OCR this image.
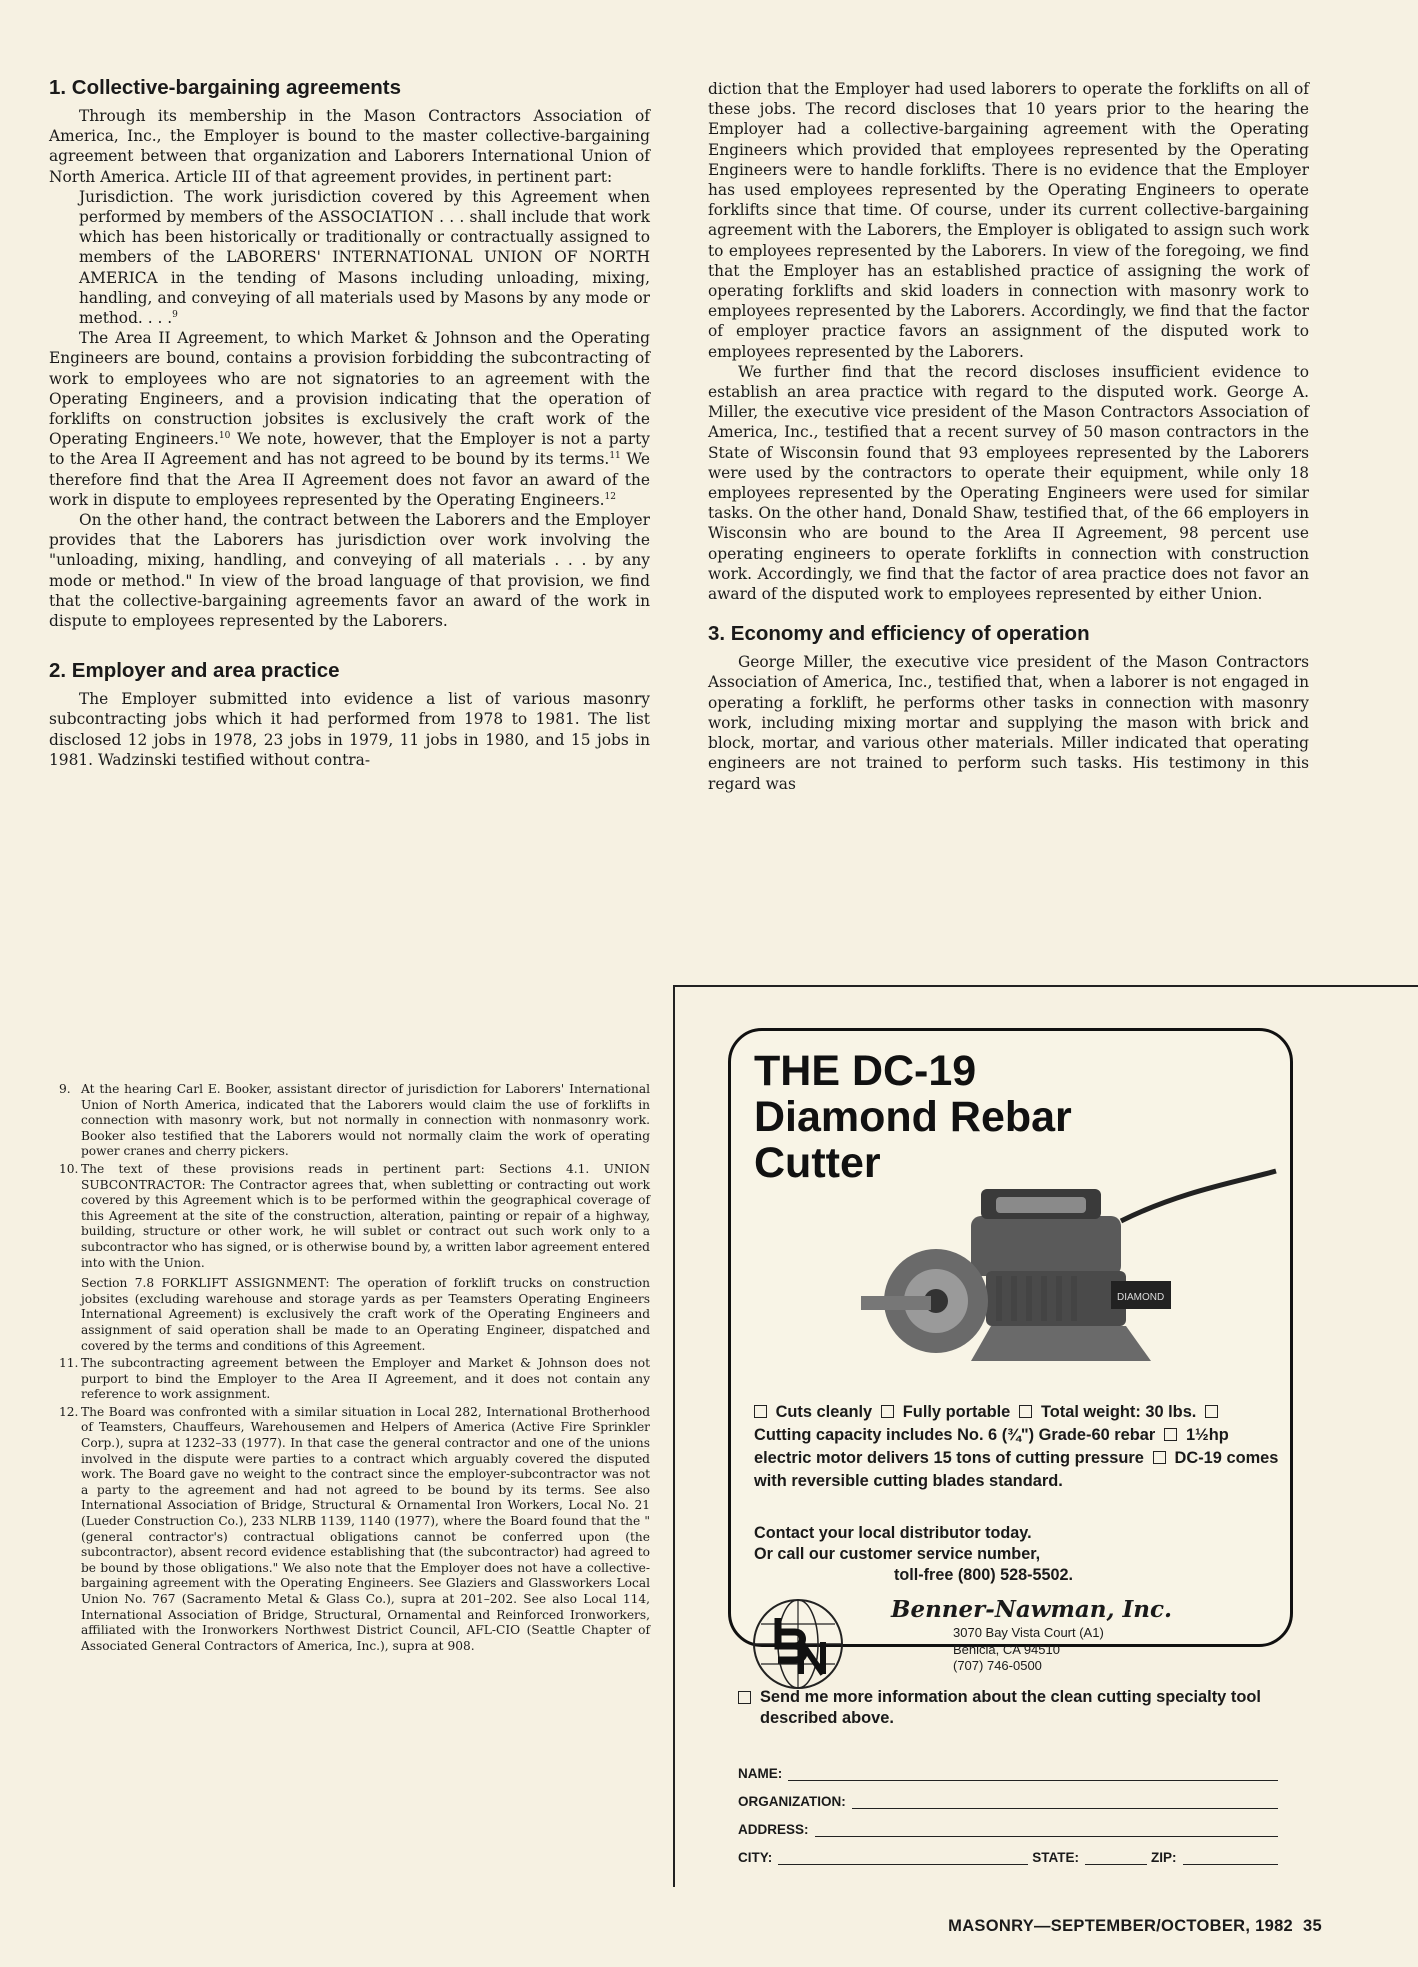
1. Collective-bargaining agreements

Through its membership in the Mason Contractors Association of America, Inc., the Employer is bound to the master collective-bargaining agreement between that organization and Laborers International Union of North America. Article III of that agreement provides, in pertinent part:

Jurisdiction. The work jurisdiction covered by this Agreement when performed by members of the ASSOCIATION . . . shall include that work which has been historically or traditionally or contractually assigned to members of the LABORERS' INTERNATIONAL UNION OF NORTH AMERICA in the tending of Masons including unloading, mixing, handling, and conveying of all materials used by Masons by any mode or method. . . .$^9$

The Area II Agreement, to which Market & Johnson and the Operating Engineers are bound, contains a provision forbidding the subcontracting of work to employees who are not signatories to an agreement with the Operating Engineers, and a provision indicating that the operation of forklifts on construction jobsites is exclusively the craft work of the Operating Engineers.$^{10}$ We note, however, that the Employer is not a party to the Area II Agreement and has not agreed to be bound by its terms.$^{11}$ We therefore find that the Area II Agreement does not favor an award of the work in dispute to employees represented by the Operating Engineers.$^{12}$

On the other hand, the contract between the Laborers and the Employer provides that the Laborers has jurisdiction over work involving the "unloading, mixing, handling, and conveying of all materials . . . by any mode or method." In view of the broad language of that provision, we find that the collective-bargaining agreements favor an award of the work in dispute to employees represented by the Laborers.

2. Employer and area practice

The Employer submitted into evidence a list of various masonry subcontracting jobs which it had performed from 1978 to 1981. The list disclosed 12 jobs in 1978, 23 jobs in 1979, 11 jobs in 1980, and 15 jobs in 1981. Wadzinski testified without contra-

diction that the Employer had used laborers to operate the forklifts on all of these jobs. The record discloses that 10 years prior to the hearing the Employer had a collective-bargaining agreement with the Operating Engineers which provided that employees represented by the Operating Engineers were to handle forklifts. There is no evidence that the Employer has used employees represented by the Operating Engineers to operate forklifts since that time. Of course, under its current collective-bargaining agreement with the Laborers, the Employer is obligated to assign such work to employees represented by the Laborers. In view of the foregoing, we find that the Employer has an established practice of assigning the work of operating forklifts and skid loaders in connection with masonry work to employees represented by the Laborers. Accordingly, we find that the factor of employer practice favors an assignment of the disputed work to employees represented by the Laborers.

We further find that the record discloses insufficient evidence to establish an area practice with regard to the disputed work. George A. Miller, the executive vice president of the Mason Contractors Association of America, Inc., testified that a recent survey of 50 mason contractors in the State of Wisconsin found that 93 employees represented by the Laborers were used by the contractors to operate their equipment, while only 18 employees represented by the Operating Engineers were used for similar tasks. On the other hand, Donald Shaw, testified that, of the 66 employers in Wisconsin who are bound to the Area II Agreement, 98 percent use operating engineers to operate forklifts in connection with construction work. Accordingly, we find that the factor of area practice does not favor an award of the disputed work to employees represented by either Union.

3. Economy and efficiency of operation

George Miller, the executive vice president of the Mason Contractors Association of America, Inc., testified that, when a laborer is not engaged in operating a forklift, he performs other tasks in connection with masonry work, including mixing mortar and supplying the mason with brick and block, mortar, and various other materials. Miller indicated that operating engineers are not trained to perform such tasks. His testimony in this regard was

9. At the hearing Carl E. Booker, assistant director of jurisdiction for Laborers' International Union of North America, indicated that the Laborers would claim the use of forklifts in connection with masonry work, but not normally in connection with nonmasonry work. Booker also testified that the Laborers would not normally claim the work of operating power cranes and cherry pickers.
10. The text of these provisions reads in pertinent part: Sections 4.1. UNION SUBCONTRACTOR: The Contractor agrees that, when subletting or contracting out work covered by this Agreement which is to be performed within the geographical coverage of this Agreement at the site of the construction, alteration, painting or repair of a highway, building, structure or other work, he will sublet or contract out such work only to a subcontractor who has signed, or is otherwise bound by, a written labor agreement entered into with the Union.

Section 7.8 FORKLIFT ASSIGNMENT: The operation of forklift trucks on construction jobsites (excluding warehouse and storage yards as per Teamsters Operating Engineers International Agreement) is exclusively the craft work of the Operating Engineers and assignment of said operation shall be made to an Operating Engineer, dispatched and covered by the terms and conditions of this Agreement.

11. The subcontracting agreement between the Employer and Market & Johnson does not purport to bind the Employer to the Area II Agreement, and it does not contain any reference to work assignment.
12. The Board was confronted with a similar situation in Local 282, International Brotherhood of Teamsters, Chauffeurs, Warehousemen and Helpers of America (Active Fire Sprinkler Corp.), supra at 1232–33 (1977). In that case the general contractor and one of the unions involved in the dispute were parties to a contract which arguably covered the disputed work. The Board gave no weight to the contract since the employer-subcontractor was not a party to the agreement and had not agreed to be bound by its terms. See also International Association of Bridge, Structural & Ornamental Iron Workers, Local No. 21 (Lueder Construction Co.), 233 NLRB 1139, 1140 (1977), where the Board found that the "(general contractor's) contractual obligations cannot be conferred upon (the subcontractor), absent record evidence establishing that (the subcontractor) had agreed to be bound by those obligations." We also note that the Employer does not have a collective-bargaining agreement with the Operating Engineers. See Glaziers and Glassworkers Local Union No. 767 (Sacramento Metal & Glass Co.), supra at 201–202. See also Local 114, International Association of Bridge, Structural, Ornamental and Reinforced Ironworkers, affiliated with the Ironworkers Northwest District Council, AFL-CIO (Seattle Chapter of Associated General Contractors of America, Inc.), supra at 908.
THE DC-19
Diamond Rebar
Cutter
DIAMOND
Cuts cleanly Fully portable Total weight: 30 lbs.   Cutting capacity includes No. 6 (¾") Grade-60 rebar 1½hp electric motor delivers 15 tons of cutting pressure DC-19 comes with reversible cutting blades standard.
Contact your local distributor today.
Or call our customer service number,
toll-free (800) 528-5502.
Benner-Nawman, Inc.
3070 Bay Vista Court (A1)
Benicia, CA 94510
(707) 746-0500
Send me more information about the clean cutting specialty tool described above.
NAME:
ORGANIZATION:
ADDRESS:
CITY:	STATE:	ZIP:
MASONRY—SEPTEMBER/OCTOBER, 1982 35
